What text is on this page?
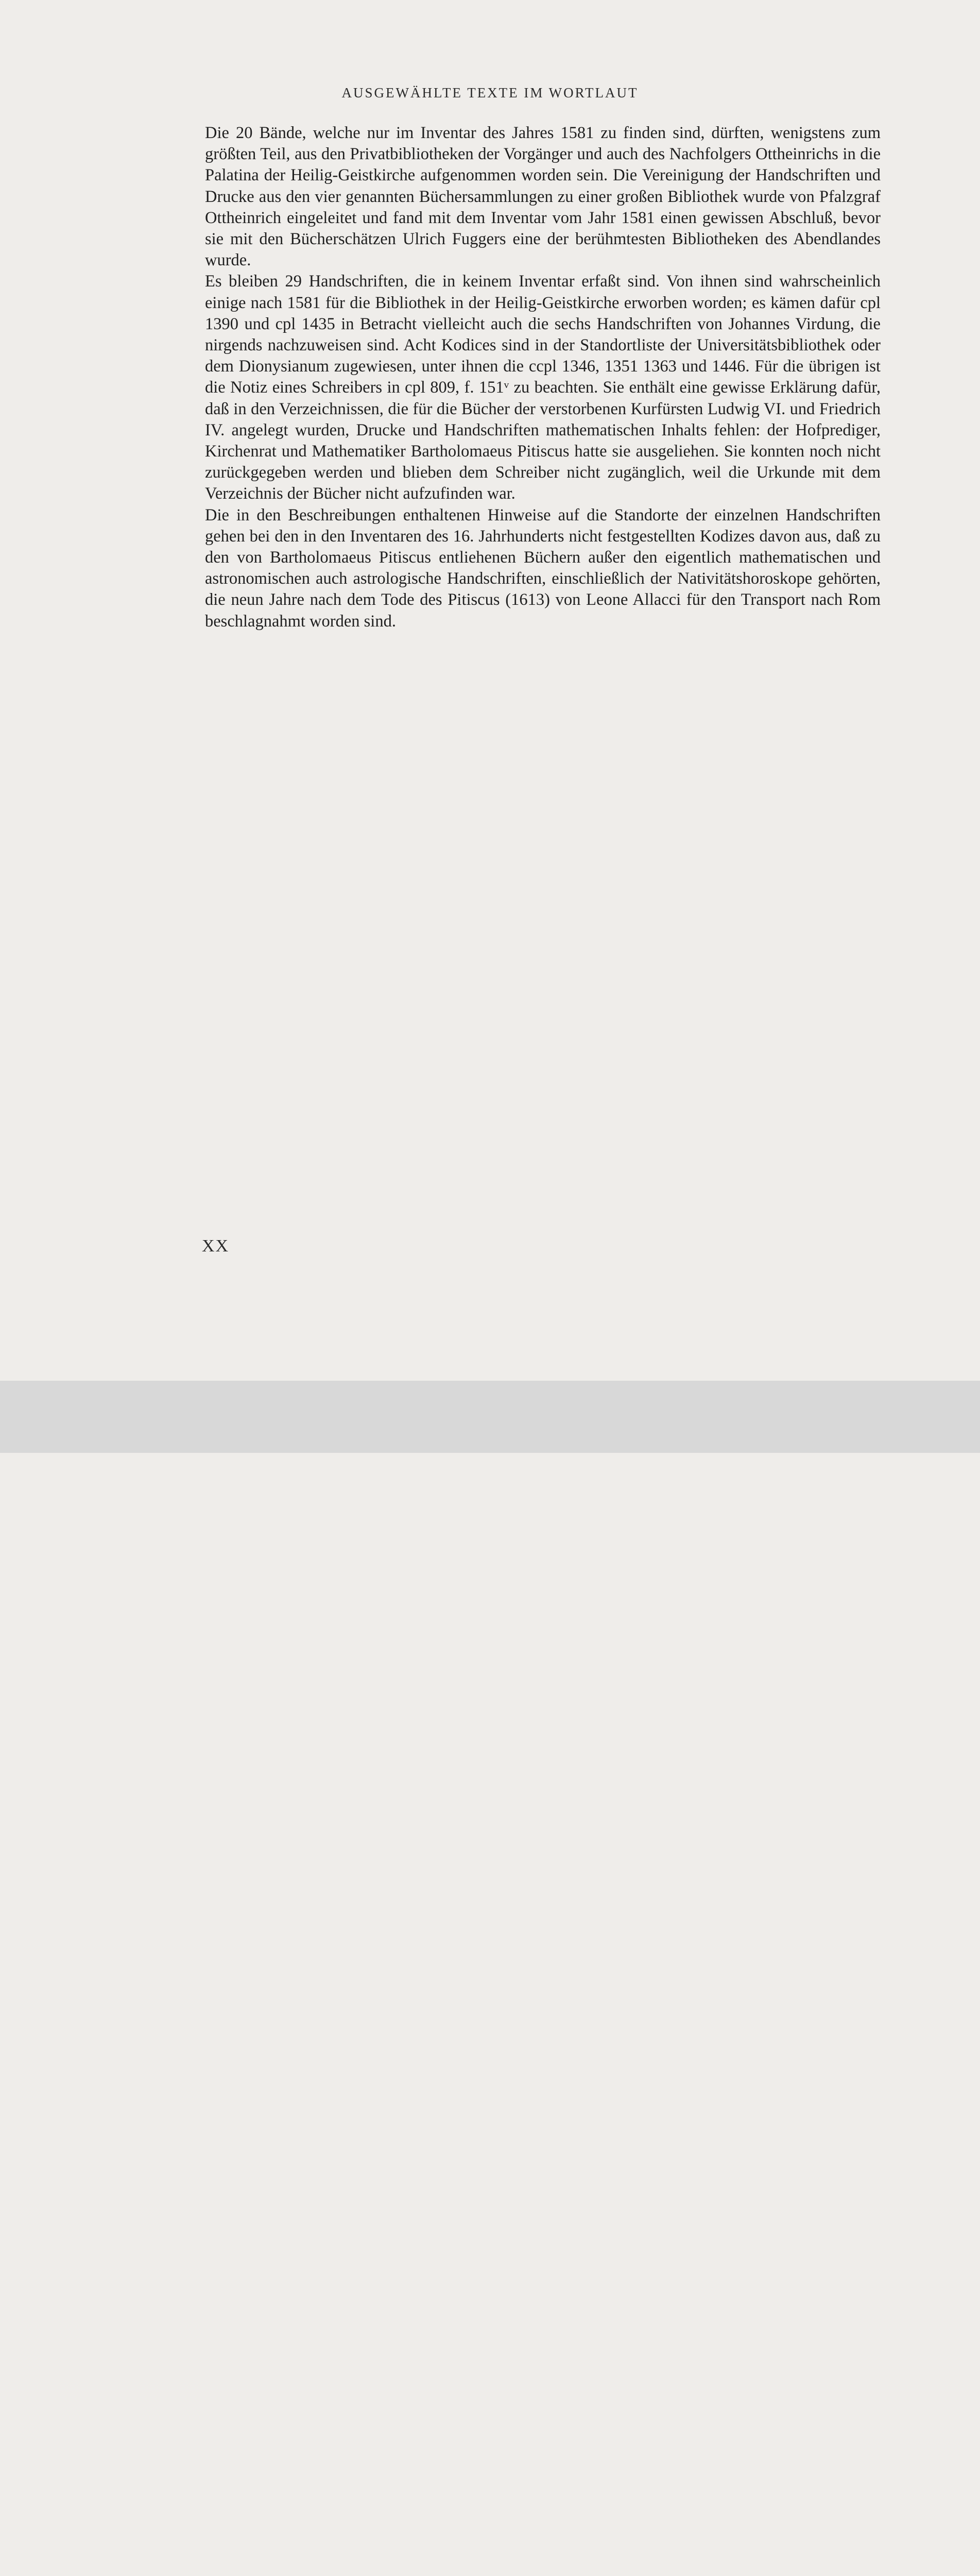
AUSGEWÄHLTE TEXTE IM WORTLAUT

Die 20 Bände, welche nur im Inventar des Jahres 1581 zu finden sind, dürften, wenigstens zum größten Teil, aus den Privatbibliotheken der Vorgänger und auch des Nachfolgers Ottheinrichs in die Palatina der Heilig-Geistkirche aufgenommen worden sein. Die Vereinigung der Handschriften und Drucke aus den vier genannten Büchersammlungen zu einer großen Bibliothek wurde von Pfalzgraf Ottheinrich eingeleitet und fand mit dem Inventar vom Jahr 1581 einen gewissen Abschluß, bevor sie mit den Bücherschätzen Ulrich Fuggers eine der berühmtesten Bibliotheken des Abendlandes wurde.

Es bleiben 29 Handschriften, die in keinem Inventar erfaßt sind. Von ihnen sind wahrscheinlich einige nach 1581 für die Bibliothek in der Heilig-Geistkirche erworben worden; es kämen dafür cpl 1390 und cpl 1435 in Betracht vielleicht auch die sechs Handschriften von Johannes Virdung, die nirgends nachzuweisen sind. Acht Kodices sind in der Standortliste der Universitätsbibliothek oder dem Dionysianum zugewiesen, unter ihnen die ccpl 1346, 1351 1363 und 1446. Für die übrigen ist die Notiz eines Schreibers in cpl 809, f. 151ᵛ zu beachten. Sie enthält eine gewisse Erklärung dafür, daß in den Verzeichnissen, die für die Bücher der verstorbenen Kurfürsten Ludwig VI. und Friedrich IV. angelegt wurden, Drucke und Handschriften mathematischen Inhalts fehlen: der Hofprediger, Kirchenrat und Mathematiker Bartholomaeus Pitiscus hatte sie ausgeliehen. Sie konnten noch nicht zurückgegeben werden und blieben dem Schreiber nicht zugänglich, weil die Urkunde mit dem Verzeichnis der Bücher nicht aufzufinden war.

Die in den Beschreibungen enthaltenen Hinweise auf die Standorte der einzelnen Handschriften gehen bei den in den Inventaren des 16. Jahrhunderts nicht festgestellten Kodizes davon aus, daß zu den von Bartholomaeus Pitiscus entliehenen Büchern außer den eigentlich mathematischen und astronomischen auch astrologische Handschriften, einschließlich der Nativitätshoroskope gehörten, die neun Jahre nach dem Tode des Pitiscus (1613) von Leone Allacci für den Transport nach Rom beschlagnahmt worden sind.

XX
